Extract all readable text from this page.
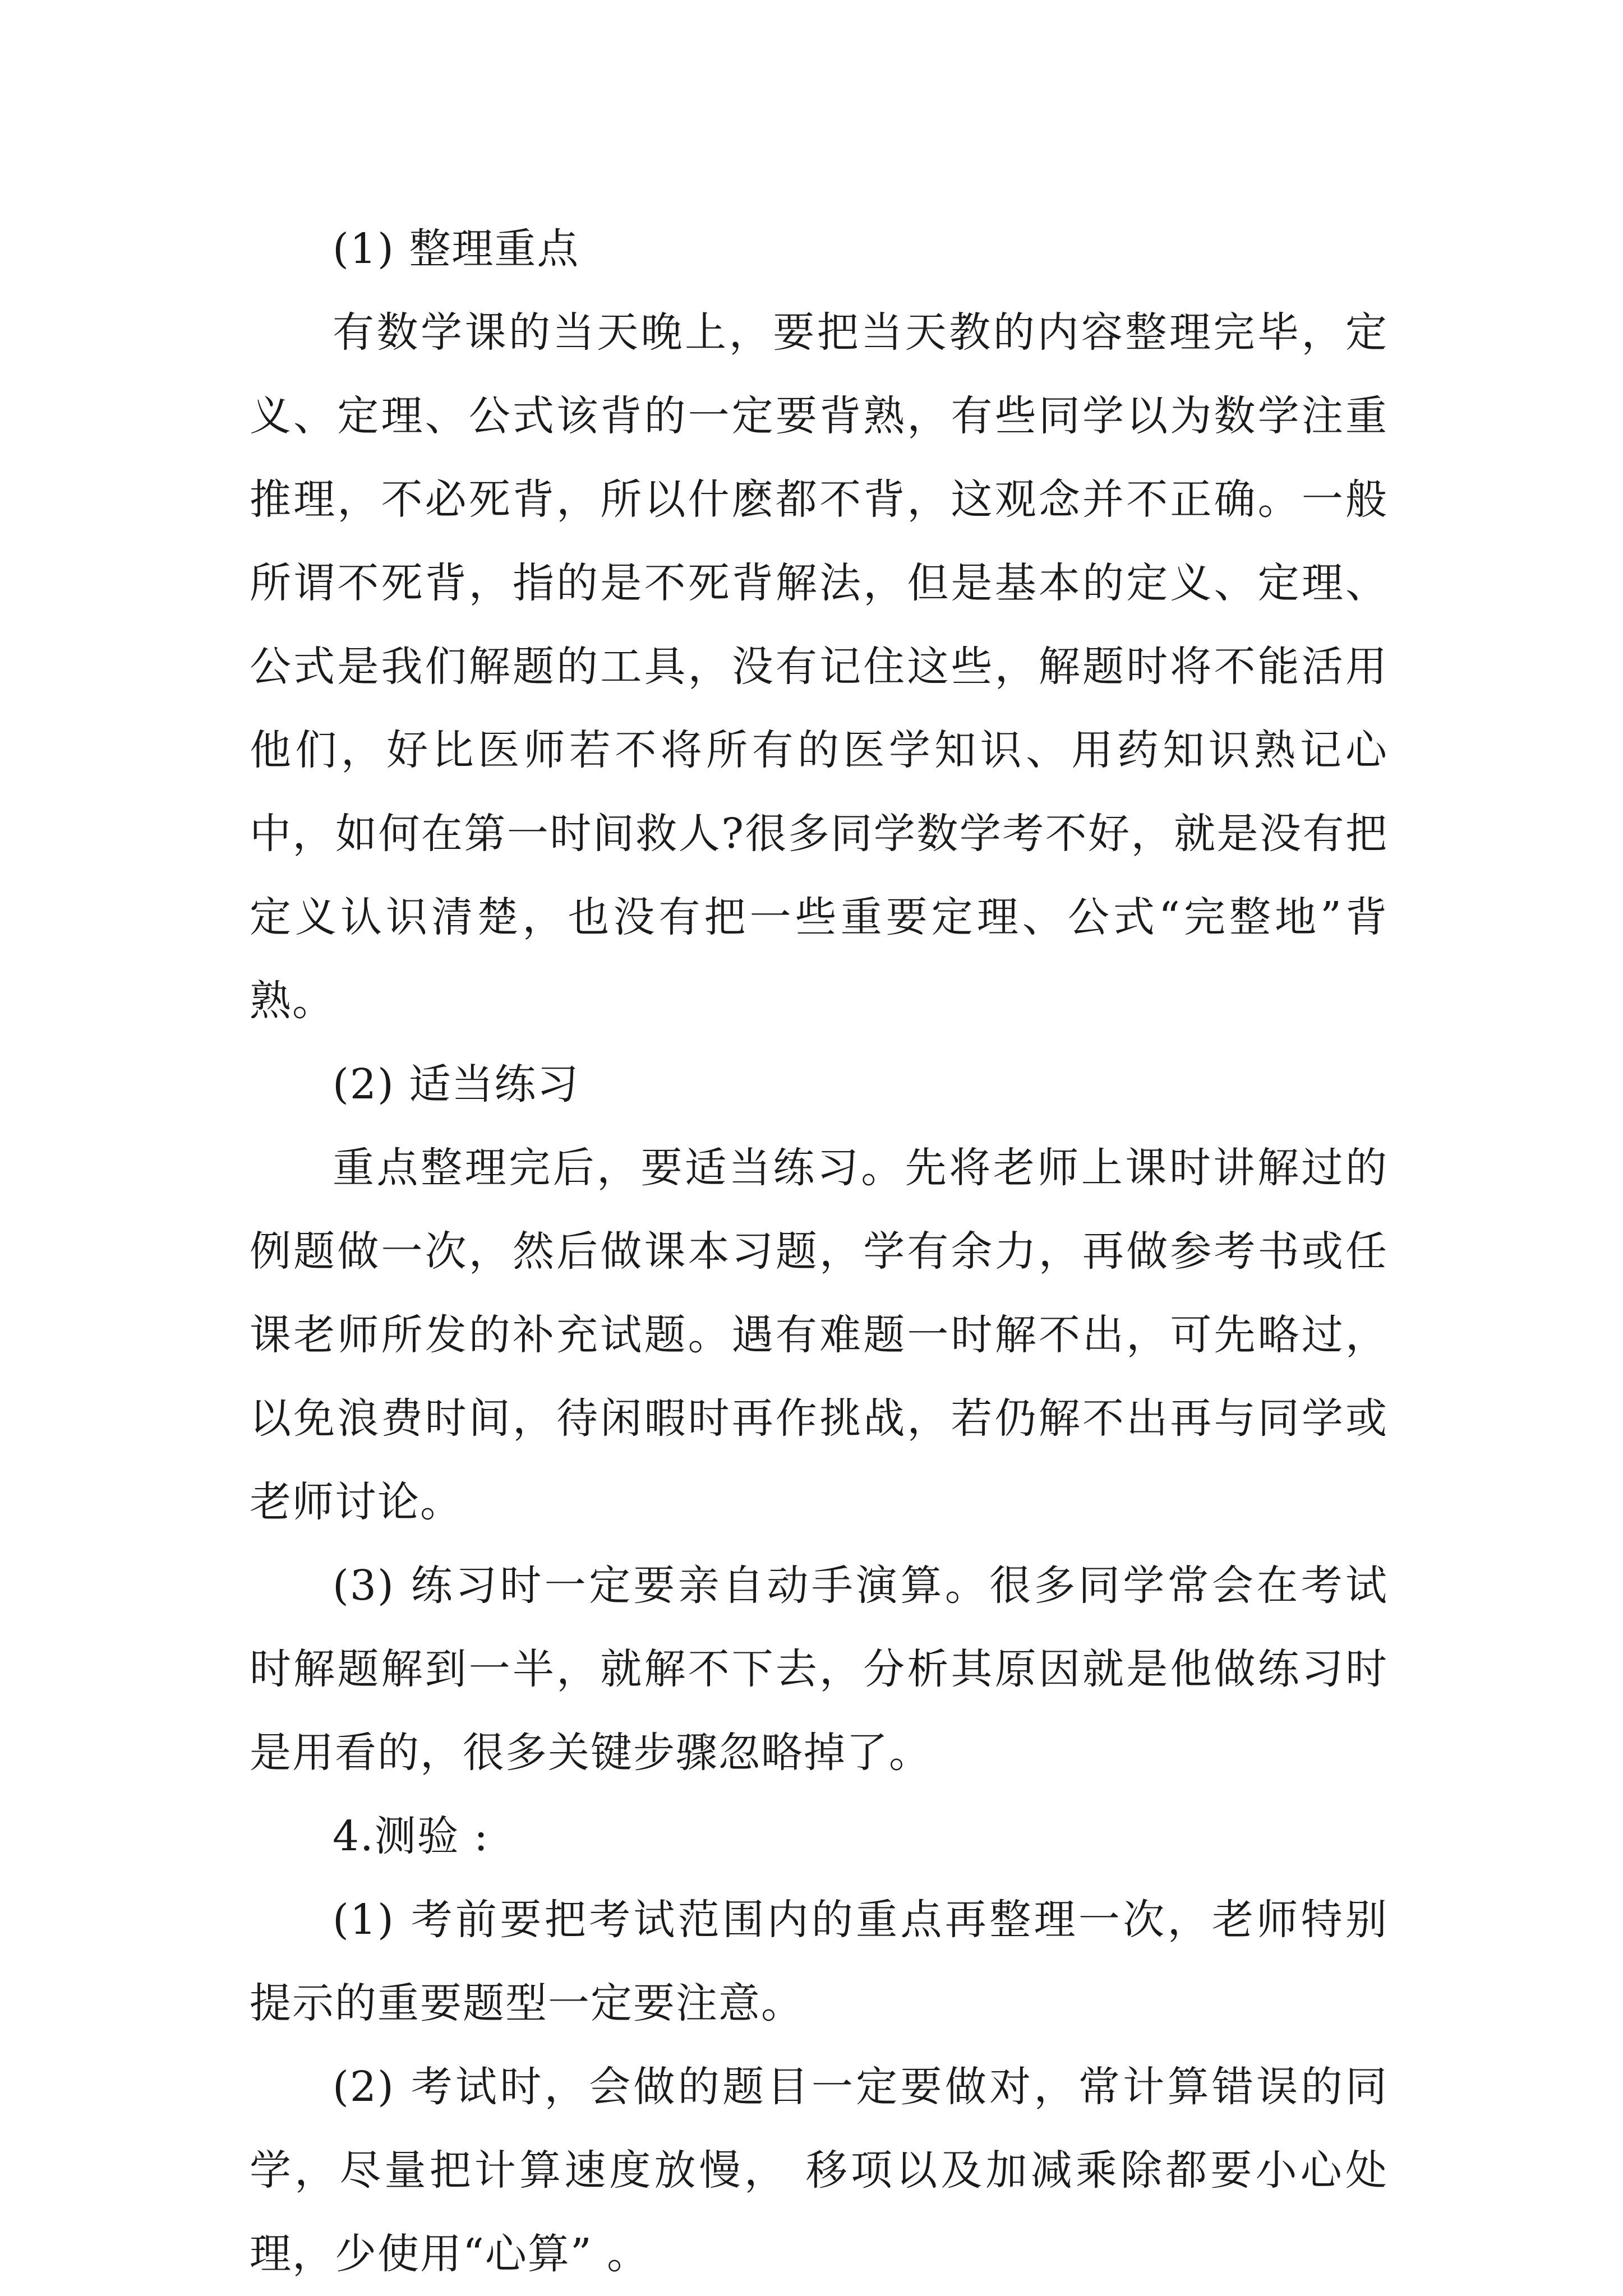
(1) 整理重点

有数学课的当天晚上，要把当天教的内容整理完毕，定义、定理、公式该背的一定要背熟，有些同学以为数学注重推理，不必死背，所以什麽都不背，这观念并不正确。一般所谓不死背，指的是不死背解法，但是基本的定义、定理、公式是我们解题的工具，没有记住这些，解题时将不能活用他们，好比医师若不将所有的医学知识、用药知识熟记心中，如何在第一时间救人?很多同学数学考不好，就是没有把定义认识清楚，也没有把一些重要定理、公式“完整地”背熟。

(2) 适当练习

重点整理完后，要适当练习。先将老师上课时讲解过的例题做一次，然后做课本习题，学有余力，再做参考书或任课老师所发的补充试题。遇有难题一时解不出，可先略过，以免浪费时间，待闲暇时再作挑战，若仍解不出再与同学或老师讨论。

(3) 练习时一定要亲自动手演算。很多同学常会在考试时解题解到一半，就解不下去，分析其原因就是他做练习时是用看的，很多关键步骤忽略掉了。

4.测验 :

(1) 考前要把考试范围内的重点再整理一次，老师特别提示的重要题型一定要注意。

(2) 考试时，会做的题目一定要做对，常计算错误的同学，尽量把计算速度放慢， 移项以及加减乘除都要小心处理，少使用“心算” 。
